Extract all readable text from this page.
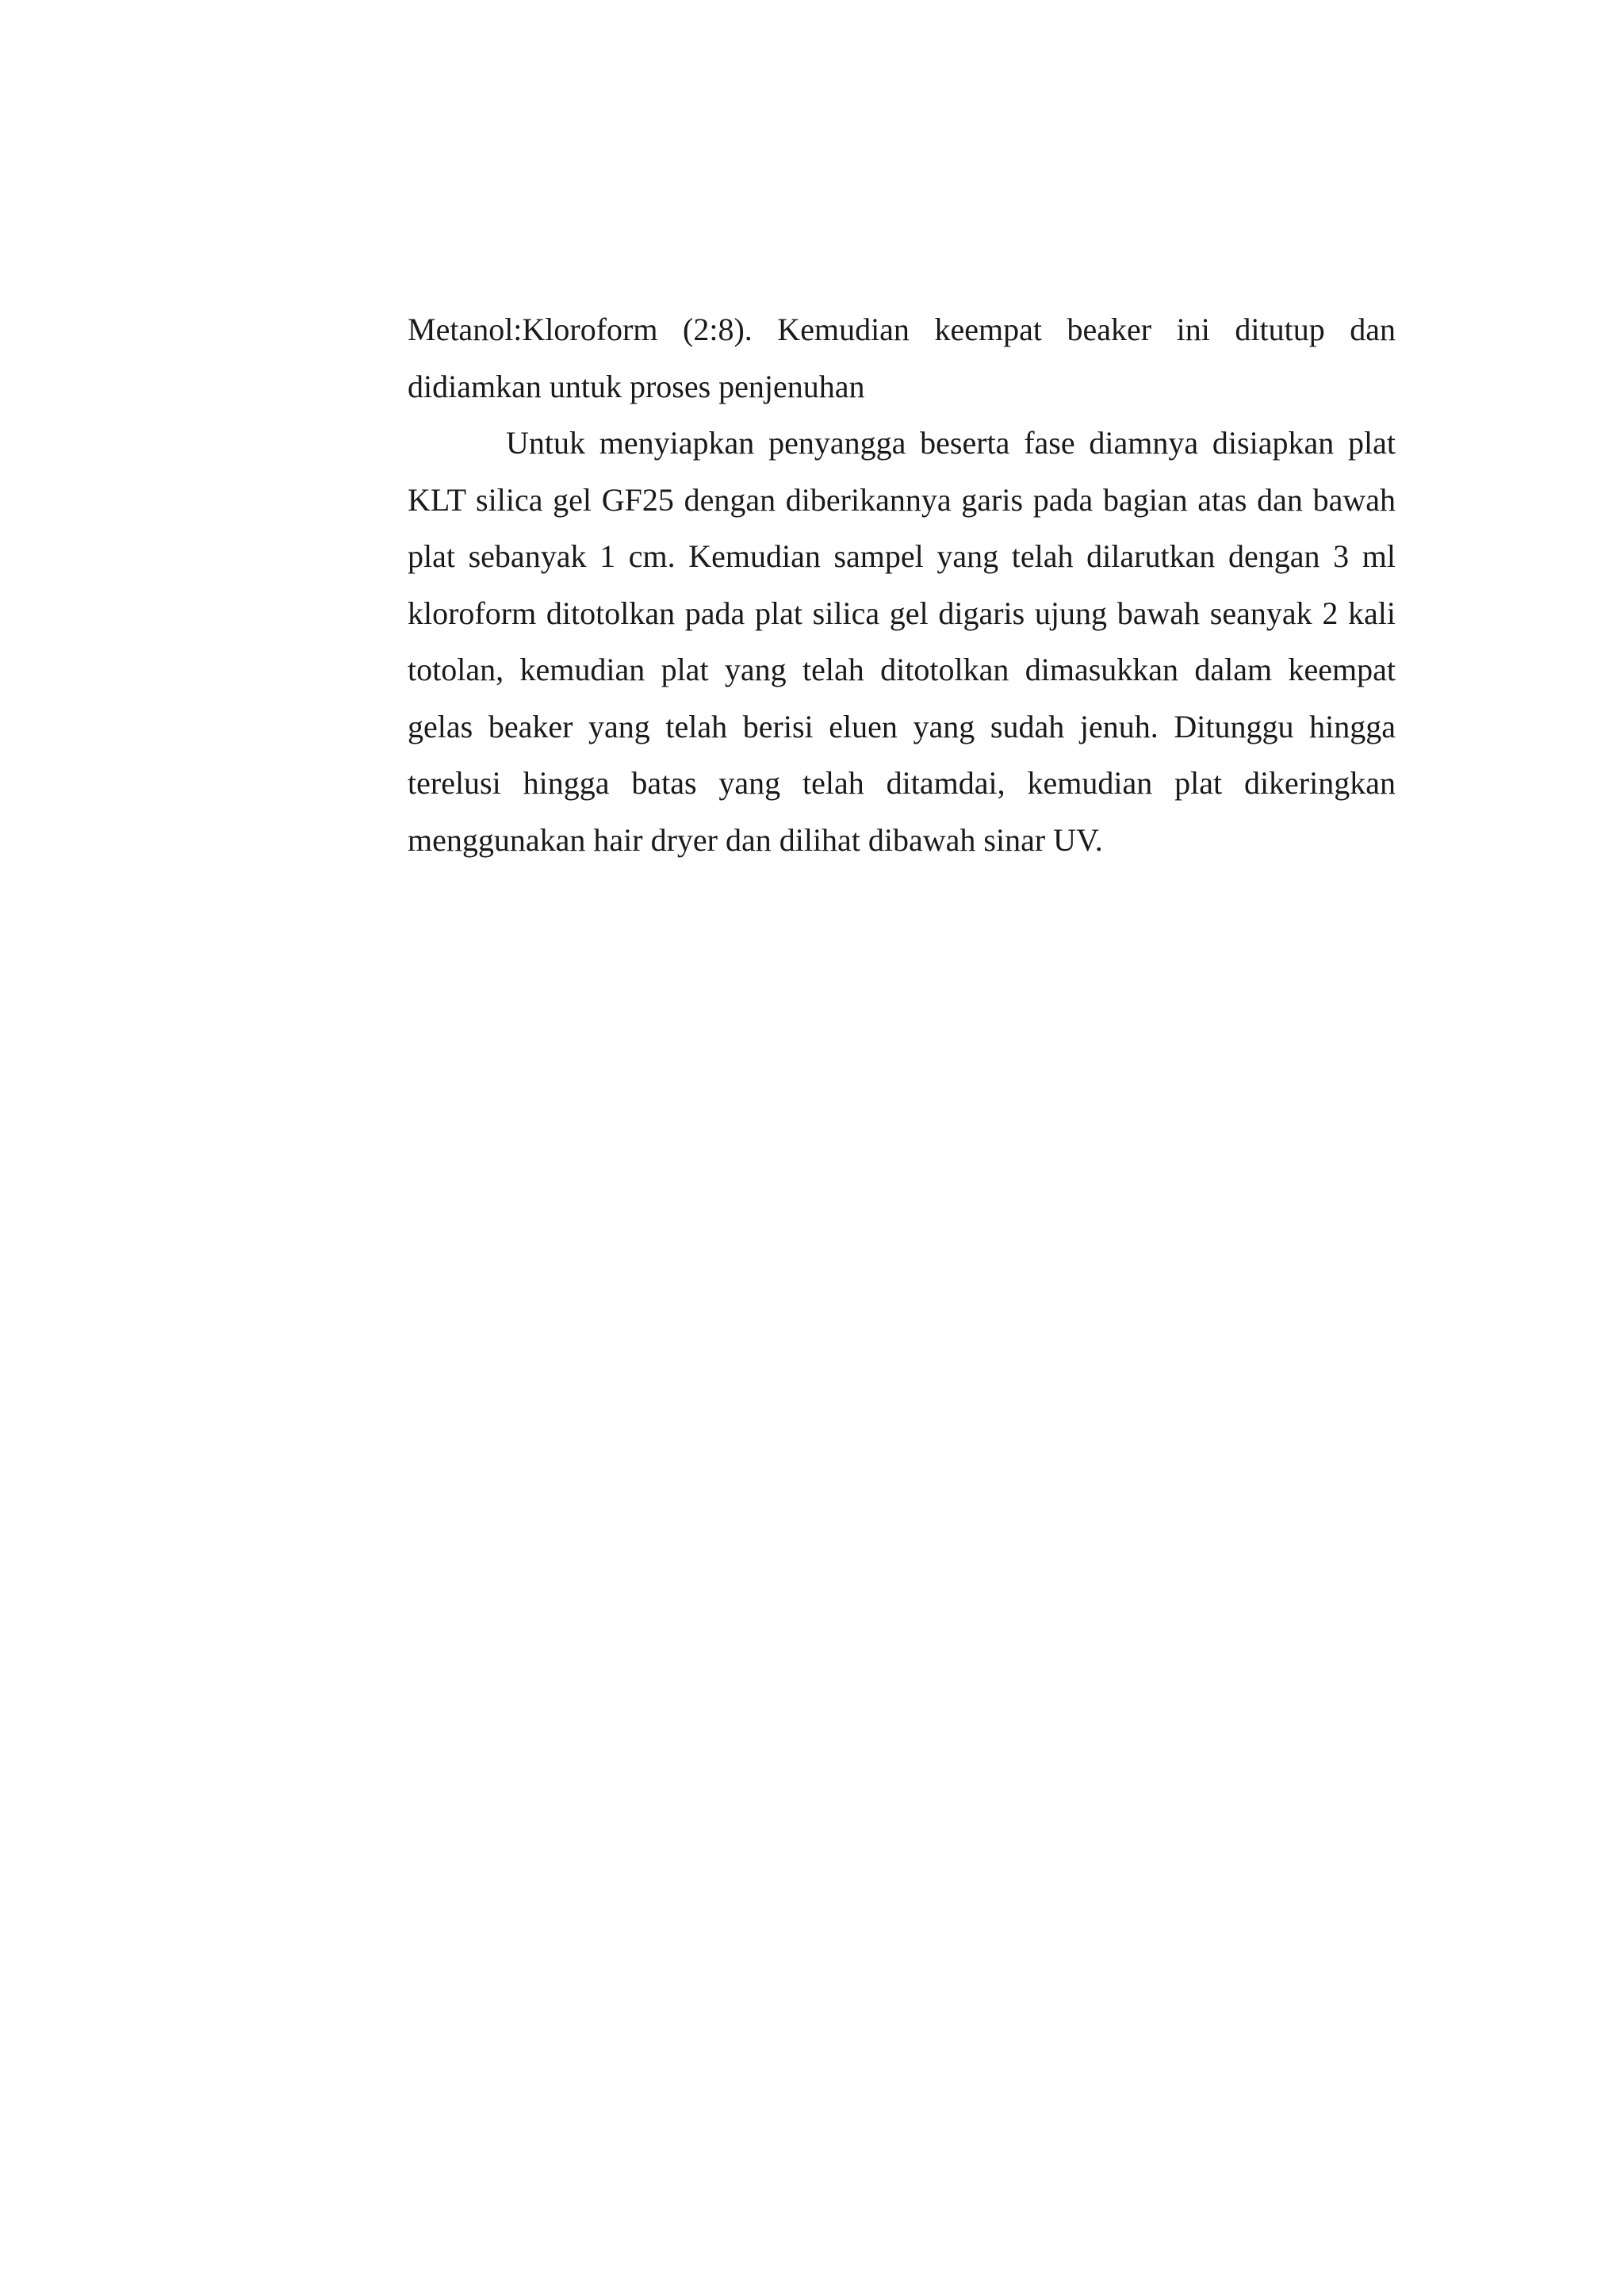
Metanol:Kloroform (2:8). Kemudian keempat beaker ini ditutup dan didiamkan untuk proses penjenuhan

Untuk menyiapkan penyangga beserta fase diamnya disiapkan plat KLT silica gel GF25 dengan diberikannya garis pada bagian atas dan bawah plat sebanyak 1 cm. Kemudian sampel yang telah dilarutkan dengan 3 ml kloroform ditotolkan pada plat silica gel digaris ujung bawah seanyak 2 kali totolan, kemudian plat yang telah ditotolkan dimasukkan dalam keempat gelas beaker yang telah berisi eluen yang sudah jenuh. Ditunggu hingga terelusi hingga batas yang telah ditamdai, kemudian plat dikeringkan menggunakan hair dryer dan dilihat dibawah sinar UV.
